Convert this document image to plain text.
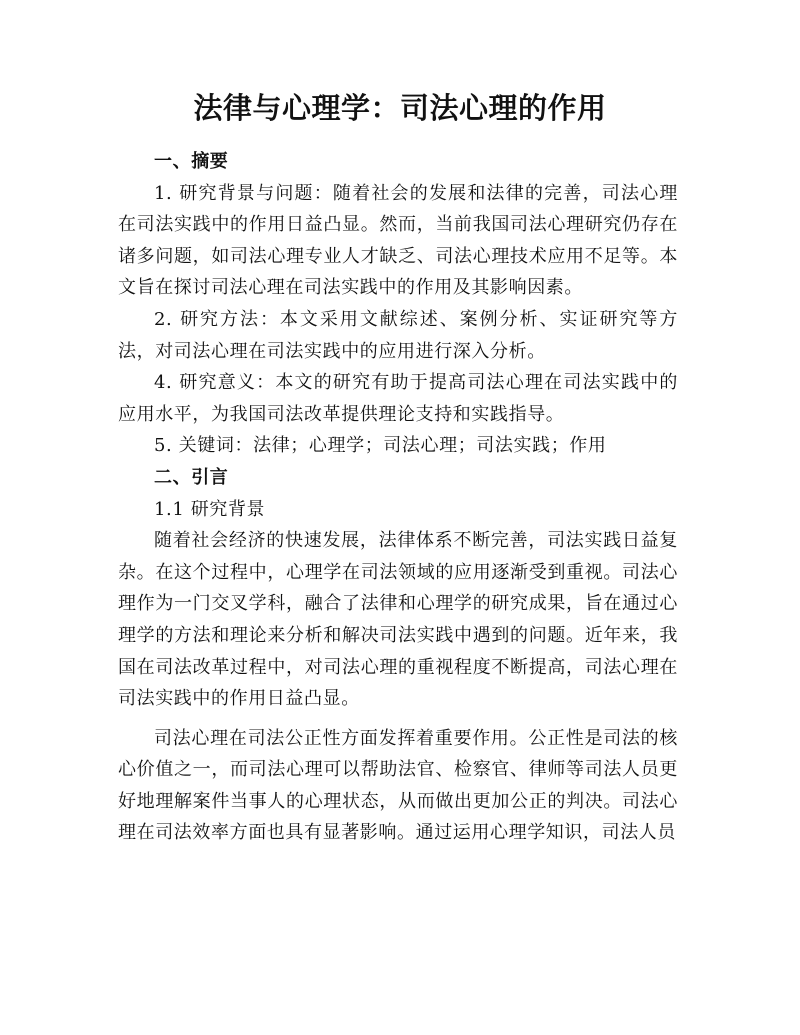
法律与心理学：司法心理的作用
一、摘要
1. 研究背景与问题：随着社会的发展和法律的完善，司法心理在司法实践中的作用日益凸显。然而，当前我国司法心理研究仍存在诸多问题，如司法心理专业人才缺乏、司法心理技术应用不足等。本文旨在探讨司法心理在司法实践中的作用及其影响因素。
2. 研究方法：本文采用文献综述、案例分析、实证研究等方法，对司法心理在司法实践中的应用进行深入分析。
4. 研究意义：本文的研究有助于提高司法心理在司法实践中的应用水平，为我国司法改革提供理论支持和实践指导。
5. 关键词：法律；心理学；司法心理；司法实践；作用
二、引言
1.1 研究背景
随着社会经济的快速发展，法律体系不断完善，司法实践日益复杂。在这个过程中，心理学在司法领域的应用逐渐受到重视。司法心理作为一门交叉学科，融合了法律和心理学的研究成果，旨在通过心理学的方法和理论来分析和解决司法实践中遇到的问题。近年来，我国在司法改革过程中，对司法心理的重视程度不断提高，司法心理在司法实践中的作用日益凸显。
司法心理在司法公正性方面发挥着重要作用。公正性是司法的核心价值之一，而司法心理可以帮助法官、检察官、律师等司法人员更好地理解案件当事人的心理状态，从而做出更加公正的判决。司法心理在司法效率方面也具有显著影响。通过运用心理学知识，司法人员
